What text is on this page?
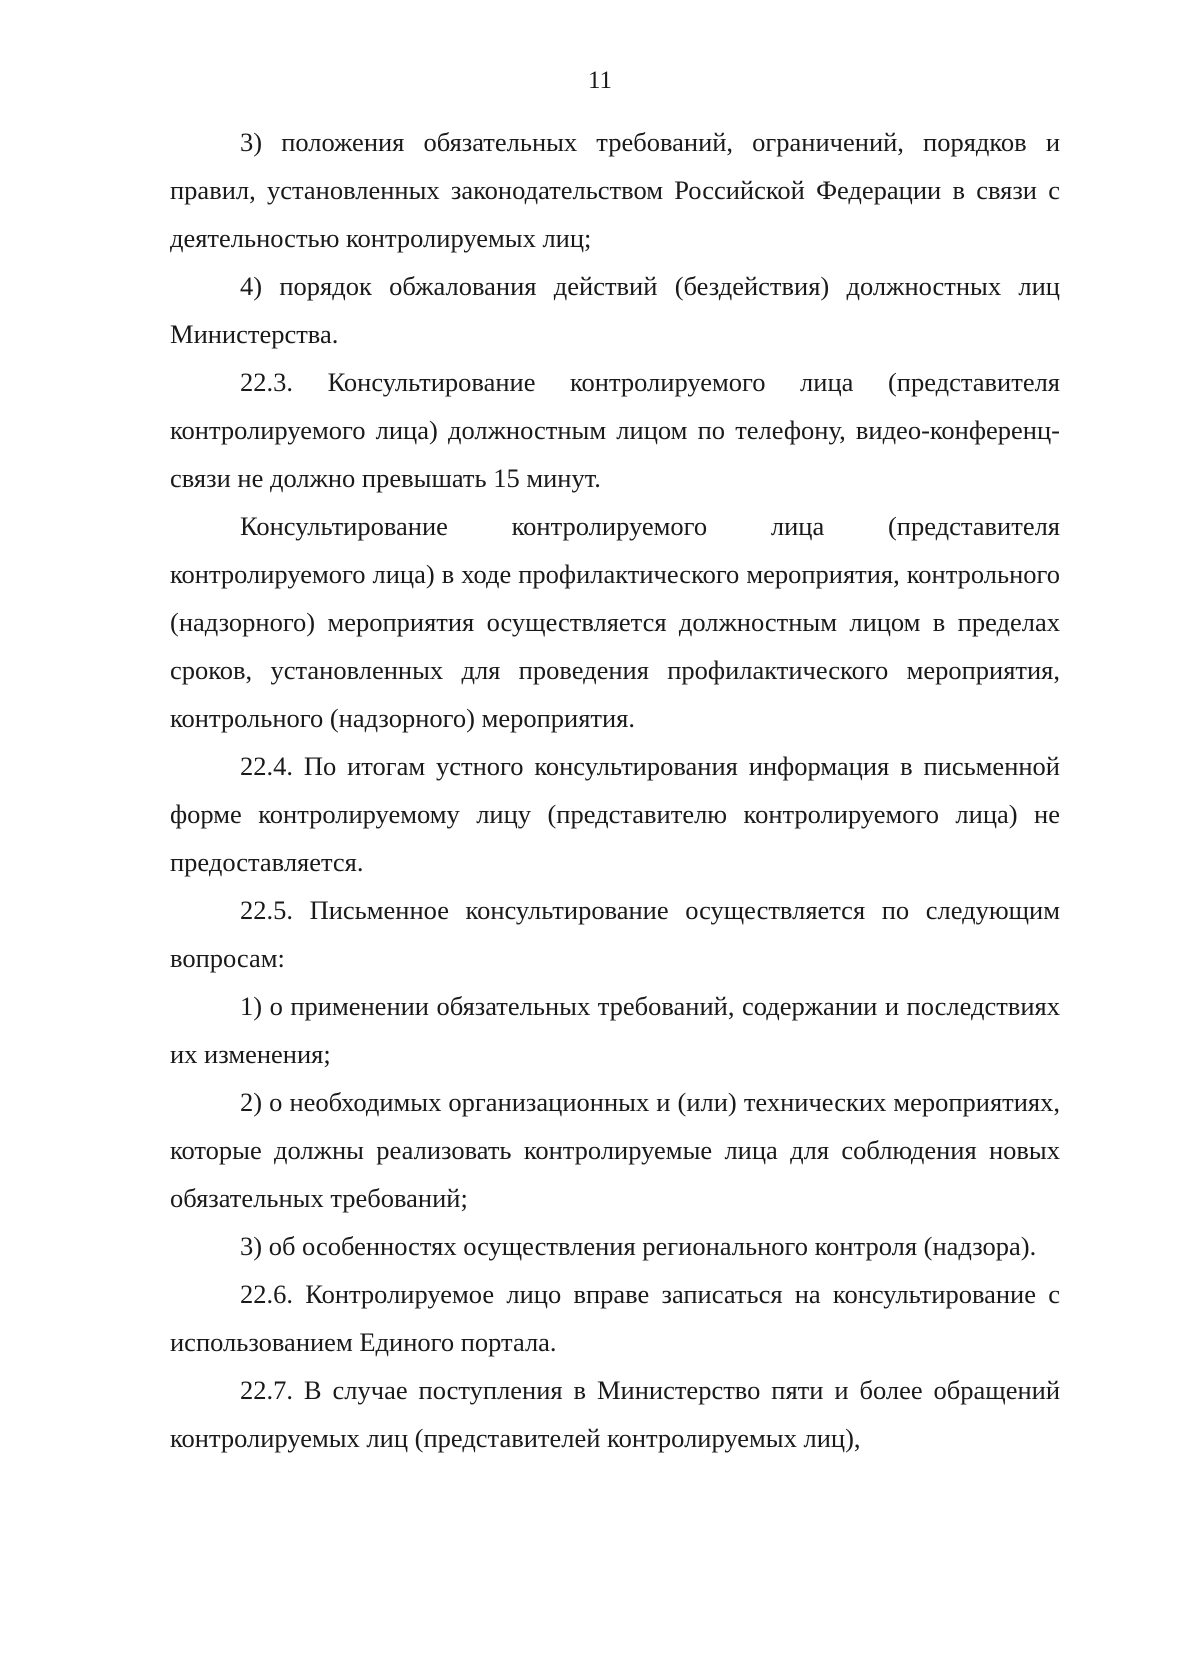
11

3) положения обязательных требований, ограничений, порядков и правил, установленных законодательством Российской Федерации в связи с деятельностью контролируемых лиц;

4) порядок обжалования действий (бездействия) должностных лиц Министерства.

22.3. Консультирование контролируемого лица (представителя контролируемого лица) должностным лицом по телефону, видео-конференц-связи не должно превышать 15 минут.

Консультирование контролируемого лица (представителя контролируемого лица) в ходе профилактического мероприятия, контрольного (надзорного) мероприятия осуществляется должностным лицом в пределах сроков, установленных для проведения профилактического мероприятия, контрольного (надзорного) мероприятия.

22.4. По итогам устного консультирования информация в письменной форме контролируемому лицу (представителю контролируемого лица) не предоставляется.

22.5. Письменное консультирование осуществляется по следующим вопросам:

1) о применении обязательных требований, содержании и последствиях их изменения;

2) о необходимых организационных и (или) технических мероприятиях, которые должны реализовать контролируемые лица для соблюдения новых обязательных требований;

3) об особенностях осуществления регионального контроля (надзора).

22.6. Контролируемое лицо вправе записаться на консультирование с использованием Единого портала.

22.7. В случае поступления в Министерство пяти и более обращений контролируемых лиц (представителей контролируемых лиц),
